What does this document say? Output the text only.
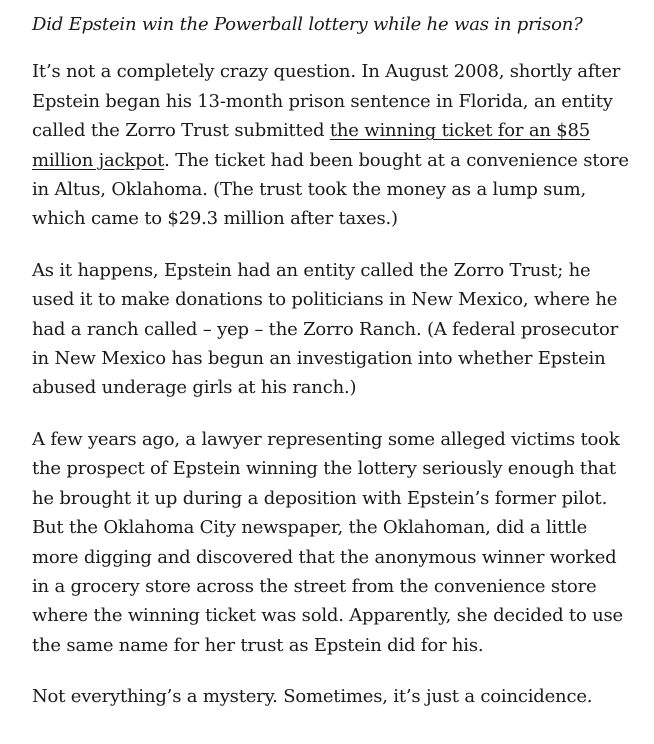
Did Epstein win the Powerball lottery while he was in prison?

It’s not a completely crazy question. In August 2008, shortly after Epstein began his 13-month prison sentence in Florida, an entity called the Zorro Trust submitted the winning ticket for an $85 million jackpot. The ticket had been bought at a convenience store in Altus, Oklahoma. (The trust took the money as a lump sum, which came to $29.3 million after taxes.)

As it happens, Epstein had an entity called the Zorro Trust; he used it to make donations to politicians in New Mexico, where he had a ranch called – yep – the Zorro Ranch. (A federal prosecutor in New Mexico has begun an investigation into whether Epstein abused underage girls at his ranch.)

A few years ago, a lawyer representing some alleged victims took the prospect of Epstein winning the lottery seriously enough that he brought it up during a deposition with Epstein’s former pilot. But the Oklahoma City newspaper, the Oklahoman, did a little more digging and discovered that the anonymous winner worked in a grocery store across the street from the convenience store where the winning ticket was sold. Apparently, she decided to use the same name for her trust as Epstein did for his.

Not everything’s a mystery. Sometimes, it’s just a coincidence.
